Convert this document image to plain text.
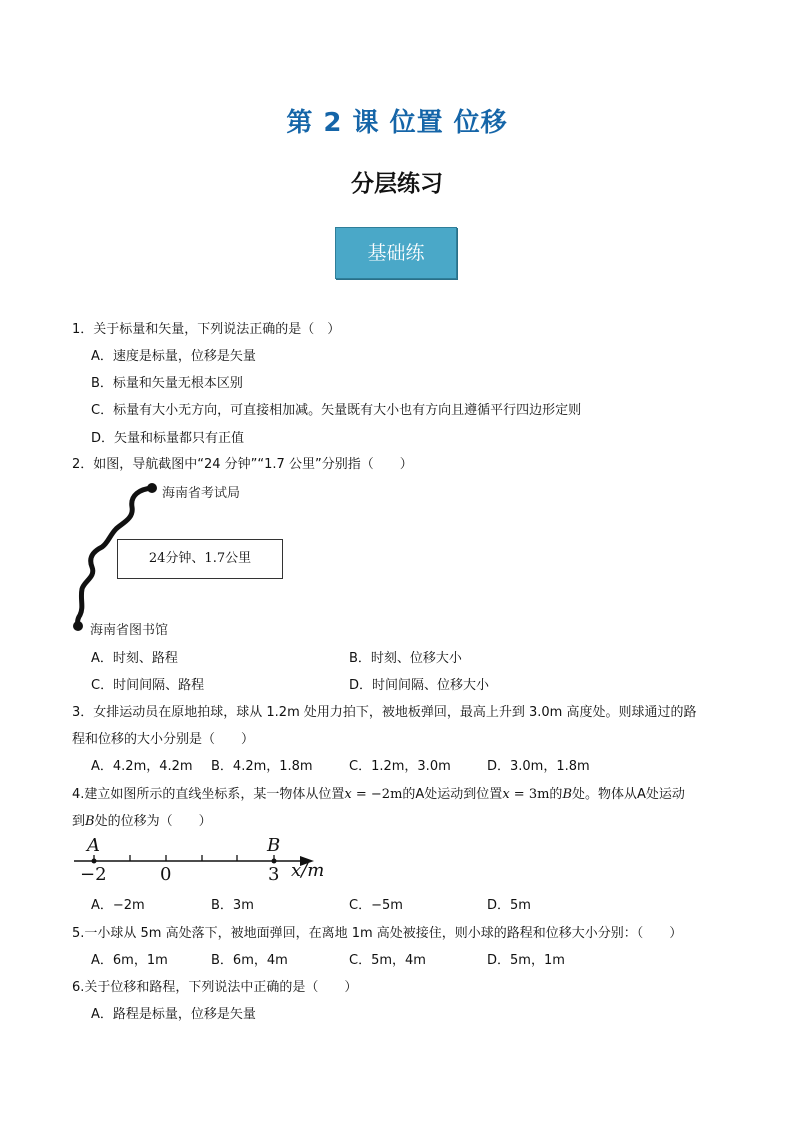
第 2 课 位置 位移
分层练习
基础练
1．关于标量和矢量，下列说法正确的是（　）
A．速度是标量，位移是矢量
B．标量和矢量无根本区别
C．标量有大小无方向，可直接相加减。矢量既有大小也有方向且遵循平行四边形定则
D．矢量和标量都只有正值
2．如图，导航截图中“24 分钟”“1.7 公里”分别指（　　）
海南省考试局
海南省图书馆
24分钟、1.7公里
A．时刻、路程	B．时刻、位移大小
C．时间间隔、路程	D．时间间隔、位移大小
3．女排运动员在原地拍球，球从 1.2m 处用力拍下，被地板弹回，最高上升到 3.0m 高度处。则球通过的路
程和位移的大小分别是（　　）
A．4.2m，4.2m B．4.2m，1.8m	C．1.2m，3.0m	D．3.0m，1.8m
4.建立如图所示的直线坐标系，某一物体从位置x = −2m的A处运动到位置x = 3m的B处。物体从A处运动
到B处的位移为（　　）
A	B
−2	0	3 x/m
A．−2m	B．3m	C．−5m	D．5m
5.一小球从 5m 高处落下，被地面弹回，在离地 1m 高处被接住，则小球的路程和位移大小分别：（　　）
A．6m，1m	B．6m，4m	C．5m，4m	D．5m，1m
6.关于位移和路程，下列说法中正确的是（　　）
A．路程是标量，位移是矢量
